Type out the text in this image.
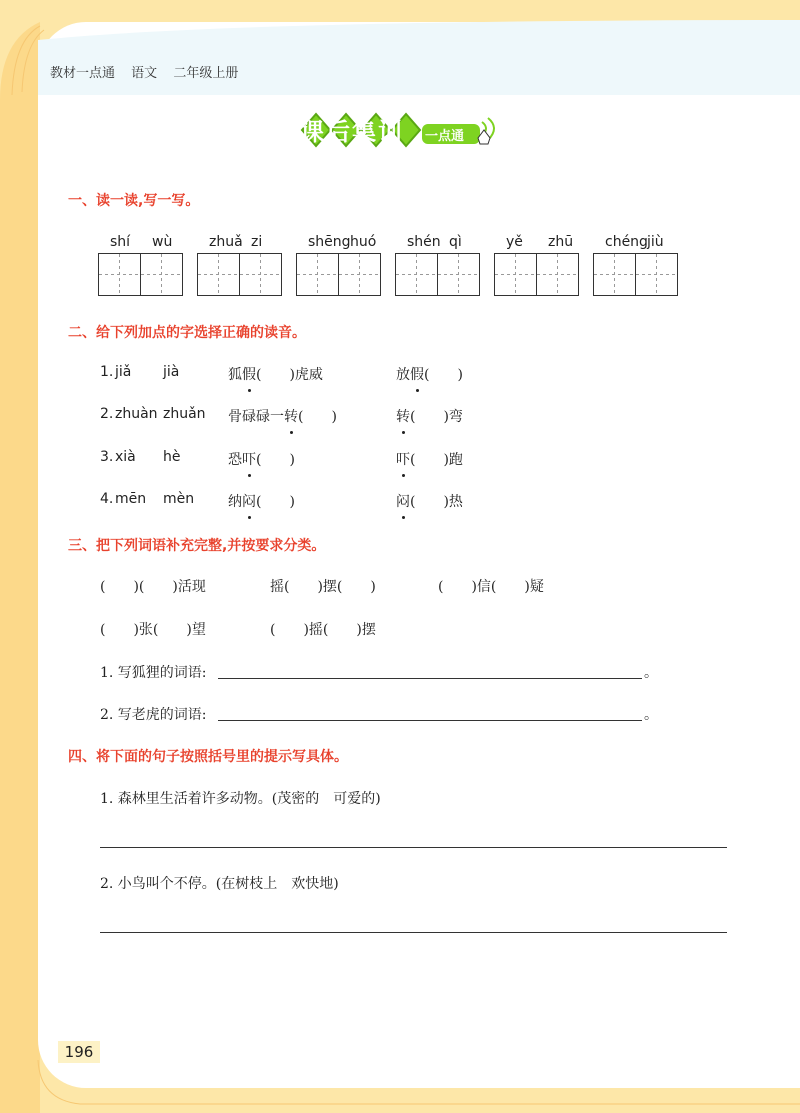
教材一点通 语文 二年级上册
课后集训 一点通
一、读一读,写一写。
shí wù	zhuǎ zi	shēng huó shén qì	yě zhū chéng jiù
二、给下列加点的字选择正确的读音。
1. jiǎ jià	狐假(　　)虎威	放假(　　)
2. zhuàn zhuǎn 骨碌碌一转(　　)	转(　　)弯
3. xià hè	恐吓(　　)	吓(　　)跑
4. mēn mèn 纳闷(　　)	闷(　　)热
三、把下列词语补充完整,并按要求分类。
(　　)(　　)活现	摇(　　)摆(　　)	(　　)信(　　)疑
(　　)张(　　)望	(　　)摇(　　)摆
1. 写狐狸的词语:	。
2. 写老虎的词语:	。
四、将下面的句子按照括号里的提示写具体。
1. 森林里生活着许多动物。(茂密的　可爱的)
2. 小鸟叫个不停。(在树枝上　欢快地)
196
